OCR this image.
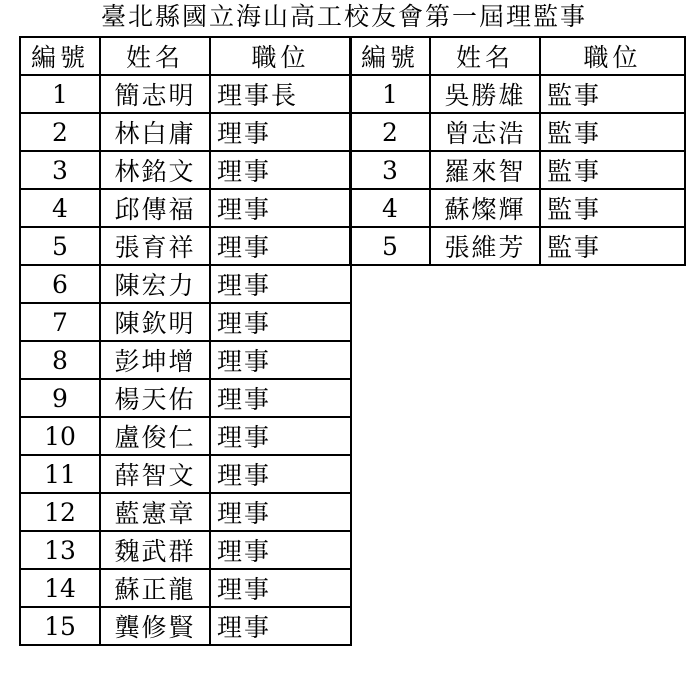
臺北縣國立海山高工校友會第一屆理監事
編號	姓名	職位
1	簡志明	理事長
2	林白庸	理事
3	林銘文	理事
4	邱傳福	理事
5	張育祥	理事
6	陳宏力	理事
7	陳欽明	理事
8	彭坤增	理事
9	楊天佑	理事
10	盧俊仁	理事
11	薛智文	理事
12	藍憲章	理事
13	魏武群	理事
14	蘇正龍	理事
15	龔修賢	理事
編號	姓名	職位
1	吳勝雄	監事
2	曾志浩	監事
3	羅來智	監事
4	蘇燦輝	監事
5	張維芳	監事
